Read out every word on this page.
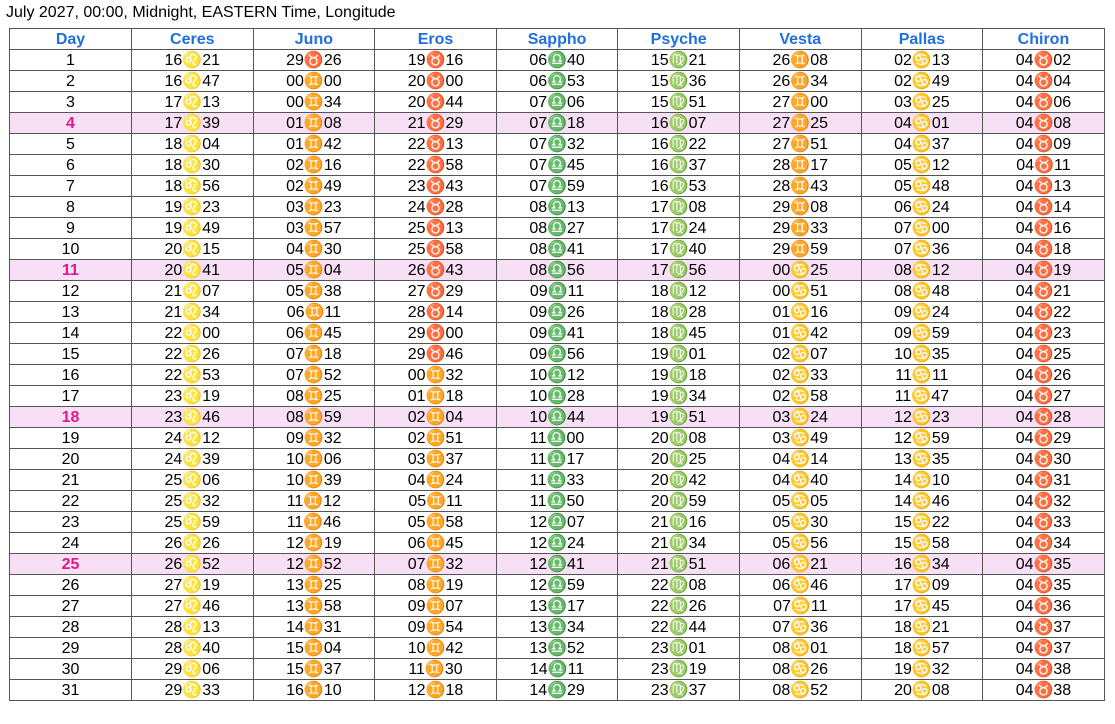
July 2027, 00:00, Midnight, EASTERN Time, Longitude
Day	Ceres	Juno	Eros	Sappho	Psyche	Vesta	Pallas	Chiron
1	16♌21	29♉26	19♉16	06♎40	15♍21	26♊08	02♋13	04♉02
2	16♌47	00♊00	20♉00	06♎53	15♍36	26♊34	02♋49	04♉04
3	17♌13	00♊34	20♉44	07♎06	15♍51	27♊00	03♋25	04♉06
4	17♌39	01♊08	21♉29	07♎18	16♍07	27♊25	04♋01	04♉08
5	18♌04	01♊42	22♉13	07♎32	16♍22	27♊51	04♋37	04♉09
6	18♌30	02♊16	22♉58	07♎45	16♍37	28♊17	05♋12	04♉11
7	18♌56	02♊49	23♉43	07♎59	16♍53	28♊43	05♋48	04♉13
8	19♌23	03♊23	24♉28	08♎13	17♍08	29♊08	06♋24	04♉14
9	19♌49	03♊57	25♉13	08♎27	17♍24	29♊33	07♋00	04♉16
10	20♌15	04♊30	25♉58	08♎41	17♍40	29♊59	07♋36	04♉18
11	20♌41	05♊04	26♉43	08♎56	17♍56	00♋25	08♋12	04♉19
12	21♌07	05♊38	27♉29	09♎11	18♍12	00♋51	08♋48	04♉21
13	21♌34	06♊11	28♉14	09♎26	18♍28	01♋16	09♋24	04♉22
14	22♌00	06♊45	29♉00	09♎41	18♍45	01♋42	09♋59	04♉23
15	22♌26	07♊18	29♉46	09♎56	19♍01	02♋07	10♋35	04♉25
16	22♌53	07♊52	00♊32	10♎12	19♍18	02♋33	11♋11	04♉26
17	23♌19	08♊25	01♊18	10♎28	19♍34	02♋58	11♋47	04♉27
18	23♌46	08♊59	02♊04	10♎44	19♍51	03♋24	12♋23	04♉28
19	24♌12	09♊32	02♊51	11♎00	20♍08	03♋49	12♋59	04♉29
20	24♌39	10♊06	03♊37	11♎17	20♍25	04♋14	13♋35	04♉30
21	25♌06	10♊39	04♊24	11♎33	20♍42	04♋40	14♋10	04♉31
22	25♌32	11♊12	05♊11	11♎50	20♍59	05♋05	14♋46	04♉32
23	25♌59	11♊46	05♊58	12♎07	21♍16	05♋30	15♋22	04♉33
24	26♌26	12♊19	06♊45	12♎24	21♍34	05♋56	15♋58	04♉34
25	26♌52	12♊52	07♊32	12♎41	21♍51	06♋21	16♋34	04♉35
26	27♌19	13♊25	08♊19	12♎59	22♍08	06♋46	17♋09	04♉35
27	27♌46	13♊58	09♊07	13♎17	22♍26	07♋11	17♋45	04♉36
28	28♌13	14♊31	09♊54	13♎34	22♍44	07♋36	18♋21	04♉37
29	28♌40	15♊04	10♊42	13♎52	23♍01	08♋01	18♋57	04♉37
30	29♌06	15♊37	11♊30	14♎11	23♍19	08♋26	19♋32	04♉38
31	29♌33	16♊10	12♊18	14♎29	23♍37	08♋52	20♋08	04♉38
